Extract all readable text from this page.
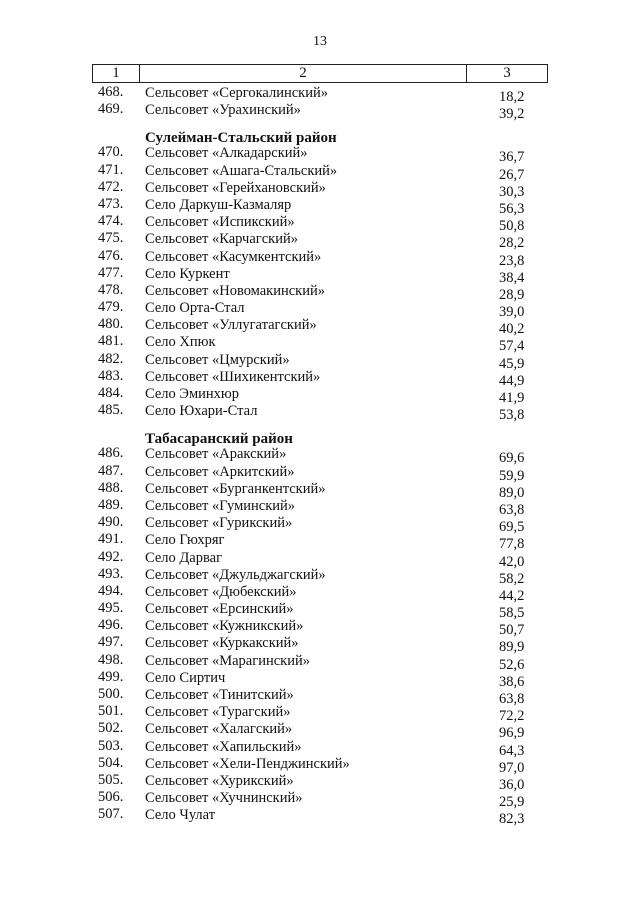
13
1	2	3
468. Сельсовет «Сергокалинский»	18,2
469. Сельсовет «Урахинский»	39,2
Сулейман-Стальский район
470. Сельсовет «Алкадарский»	36,7
471. Сельсовет «Ашага-Стальский»	26,7
472. Сельсовет «Герейхановский»	30,3
473. Село Даркуш-Казмаляр	56,3
474. Сельсовет «Испикский»	50,8
475. Сельсовет «Карчагский»	28,2
476. Сельсовет «Касумкентский»	23,8
477. Село Куркент	38,4
478. Сельсовет «Новомакинский»	28,9
479. Село Орта-Стал	39,0
480. Сельсовет «Уллугатагский»	40,2
481. Село Хпюк	57,4
482. Сельсовет «Цмурский»	45,9
483. Сельсовет «Шихикентский»	44,9
484. Село Эминхюр	41,9
485. Село Юхари-Стал	53,8
Табасаранский район
486. Сельсовет «Аракский»	69,6
487. Сельсовет «Аркитский»	59,9
488. Сельсовет «Бурганкентский»	89,0
489. Сельсовет «Гуминский»	63,8
490. Сельсовет «Гурикский»	69,5
491. Село Гюхряг	77,8
492. Село Дарваг	42,0
493. Сельсовет «Джульджагский»	58,2
494. Сельсовет «Дюбекский»	44,2
495. Сельсовет «Ерсинский»	58,5
496. Сельсовет «Кужникский»	50,7
497. Сельсовет «Куркакский»	89,9
498. Сельсовет «Марагинский»	52,6
499. Село Сиртич	38,6
500. Сельсовет «Тинитский»	63,8
501. Сельсовет «Турагский»	72,2
502. Сельсовет «Халагский»	96,9
503. Сельсовет «Хапильский»	64,3
504. Сельсовет «Хели-Пенджинский»	97,0
505. Сельсовет «Хурикский»	36,0
506. Сельсовет «Хучнинский»	25,9
507. Село Чулат	82,3
